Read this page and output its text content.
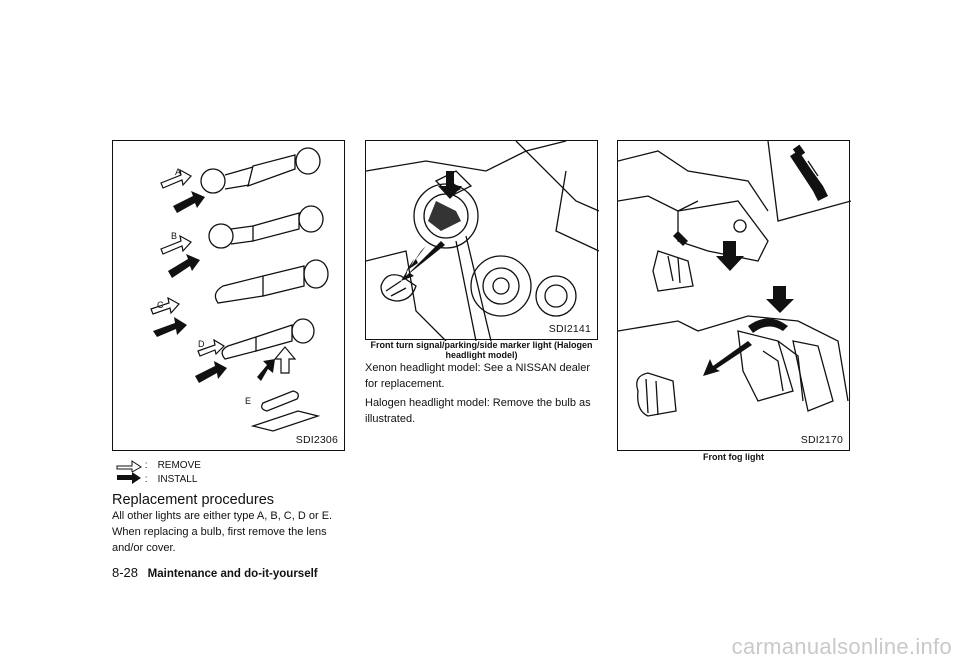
A
B
C
D
E
SDI2306
: REMOVE
: INSTALL
Replacement procedures
All other lights are either type A, B, C, D or E.
When replacing a bulb, first remove the lens
and/or cover.
SDI2141
Front turn signal/parking/side marker light (Halogen
headlight model)
Xenon headlight model: See a NISSAN dealer
for replacement.
Halogen headlight model: Remove the bulb as
illustrated.
SDI2170
Front fog light
8-28 Maintenance and do-it-yourself
carmanualsonline.info
